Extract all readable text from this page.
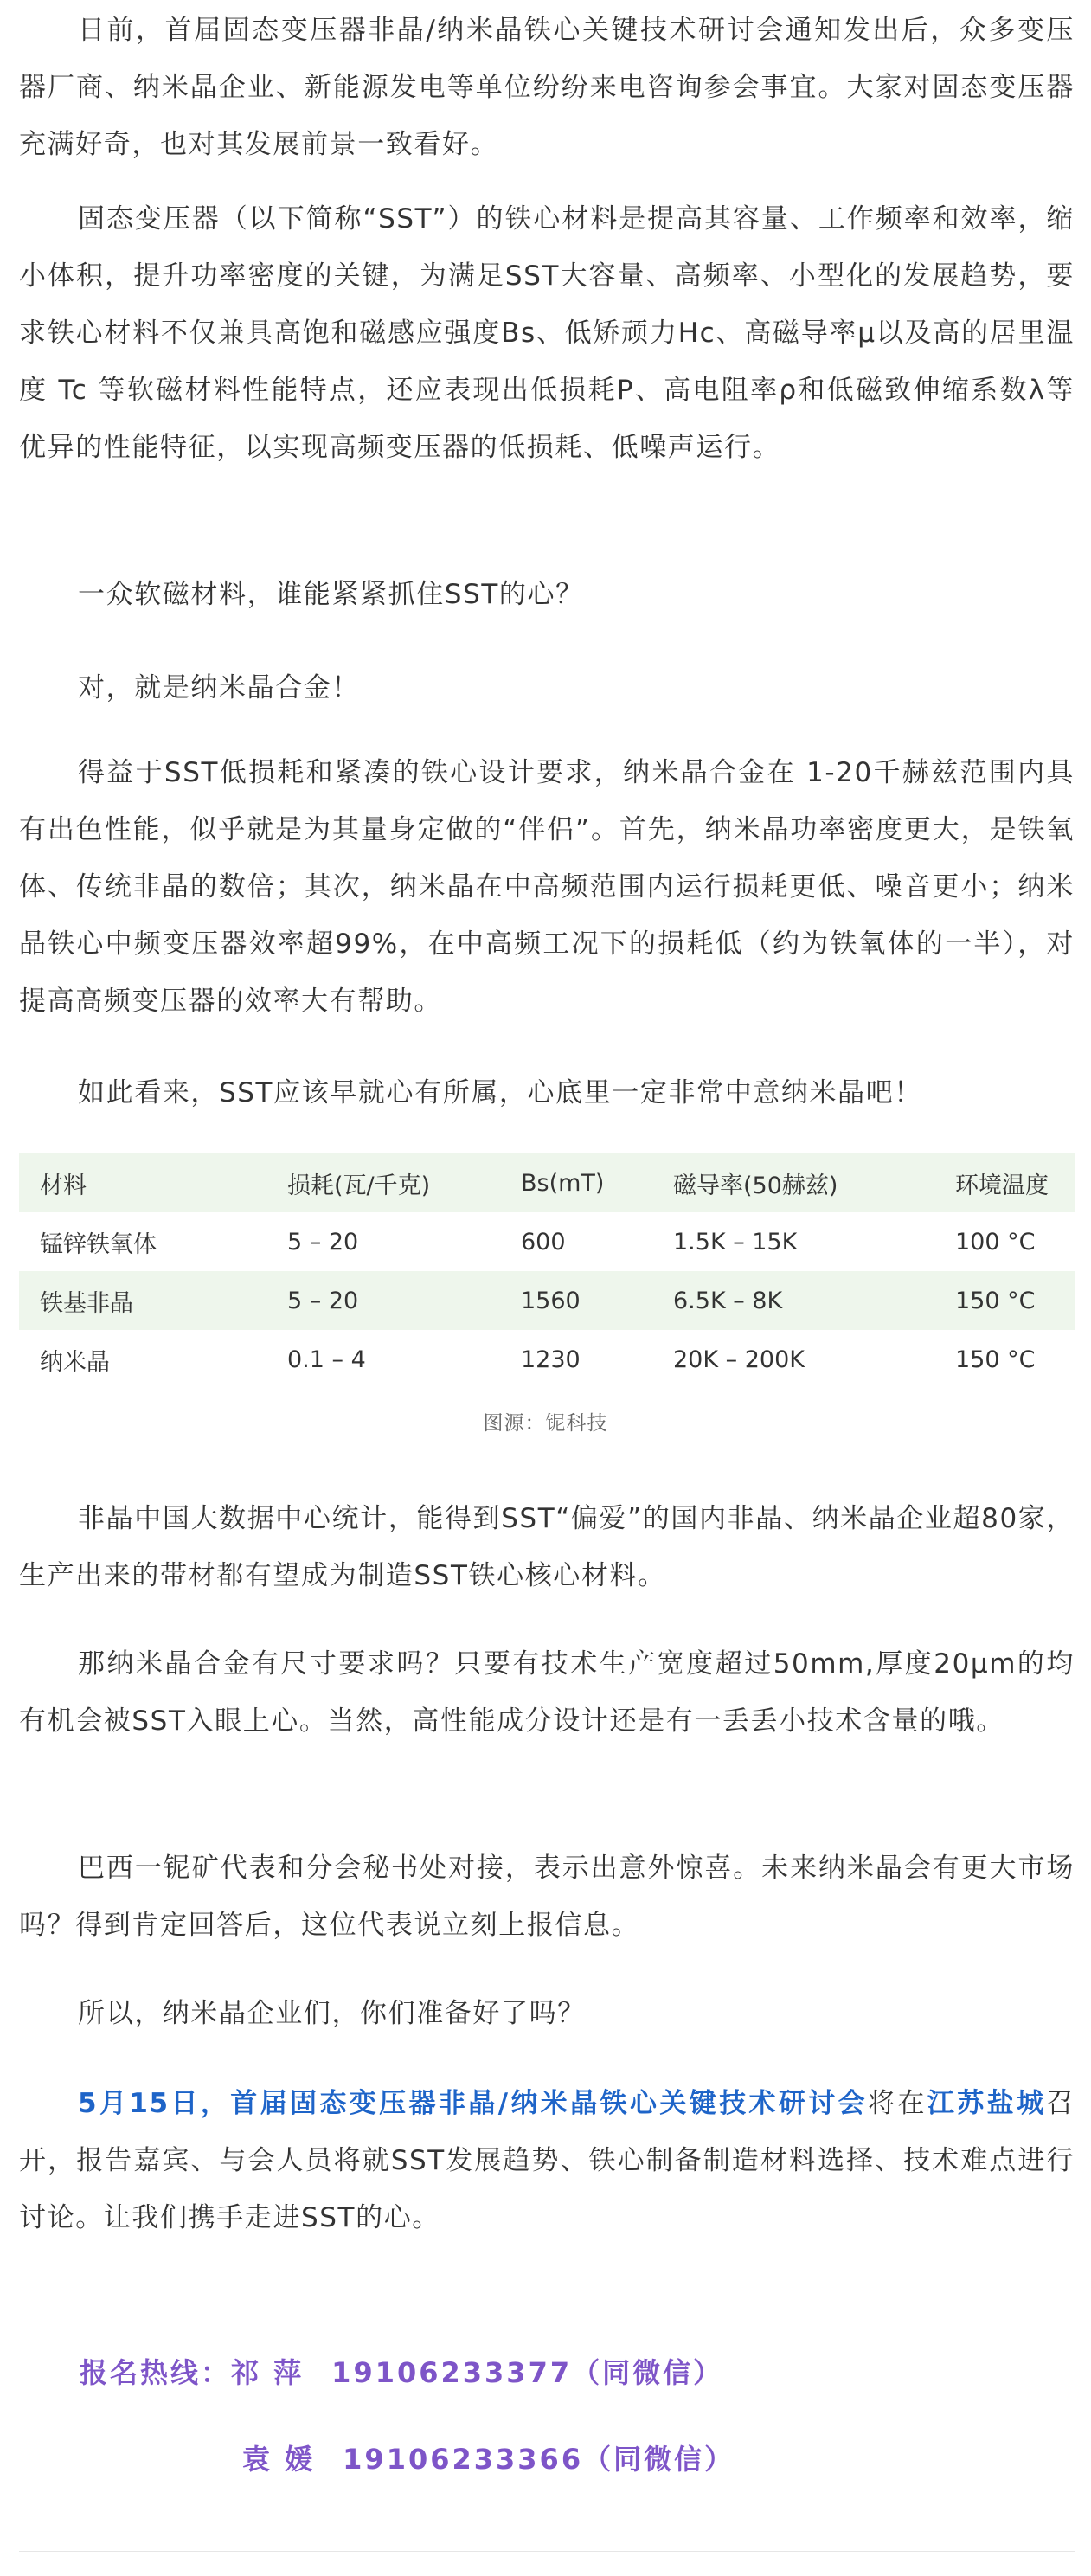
日前，首届固态变压器非晶/纳米晶铁心关键技术研讨会通知发出后，众多变压器厂商、纳米晶企业、新能源发电等单位纷纷来电咨询参会事宜。大家对固态变压器充满好奇，也对其发展前景一致看好。

固态变压器（以下简称“SST”）的铁心材料是提高其容量、工作频率和效率，缩小体积，提升功率密度的关键，为满足SST大容量、高频率、小型化的发展趋势，要求铁心材料不仅兼具高饱和磁感应强度Bs、低矫顽力Hc、高磁导率μ以及高的居里温度 Tc 等软磁材料性能特点，还应表现出低损耗P、高电阻率ρ和低磁致伸缩系数λ等优异的性能特征，以实现高频变压器的低损耗、低噪声运行。

一众软磁材料，谁能紧紧抓住SST的心？

对，就是纳米晶合金！

得益于SST低损耗和紧凑的铁心设计要求，纳米晶合金在 1-20千赫兹范围内具有出色性能，似乎就是为其量身定做的“伴侣”。首先，纳米晶功率密度更大，是铁氧体、传统非晶的数倍；其次，纳米晶在中高频范围内运行损耗更低、噪音更小；纳米晶铁心中频变压器效率超99%，在中高频工况下的损耗低（约为铁氧体的一半），对提高高频变压器的效率大有帮助。

如此看来，SST应该早就心有所属，心底里一定非常中意纳米晶吧！

非晶中国大数据中心统计，能得到SST“偏爱”的国内非晶、纳米晶企业超80家，生产出来的带材都有望成为制造SST铁心核心材料。

那纳米晶合金有尺寸要求吗？只要有技术生产宽度超过50mm,厚度20μm的均有机会被SST入眼上心。当然，高性能成分设计还是有一丢丢小技术含量的哦。

巴西一铌矿代表和分会秘书处对接，表示出意外惊喜。未来纳米晶会有更大市场吗？得到肯定回答后，这位代表说立刻上报信息。

所以，纳米晶企业们，你们准备好了吗？

5月15日，首届固态变压器非晶/纳米晶铁心关键技术研讨会将在江苏盐城召开，报告嘉宾、与会人员将就SST发展趋势、铁心制备制造材料选择、技术难点进行讨论。让我们携手走进SST的心。

材料	损耗(瓦/千克)	Bs(mT)	磁导率(50赫兹)	环境温度
锰锌铁氧体	5 – 20	600	1.5K – 15K	100 °C
铁基非晶	5 – 20	1560	6.5K – 8K	150 °C
纳米晶	0.1 – 4	1230	20K – 200K	150 °C
图源：铌科技
报名热线：祁 萍 19106233377（同微信）
袁 媛 19106233366（同微信）
